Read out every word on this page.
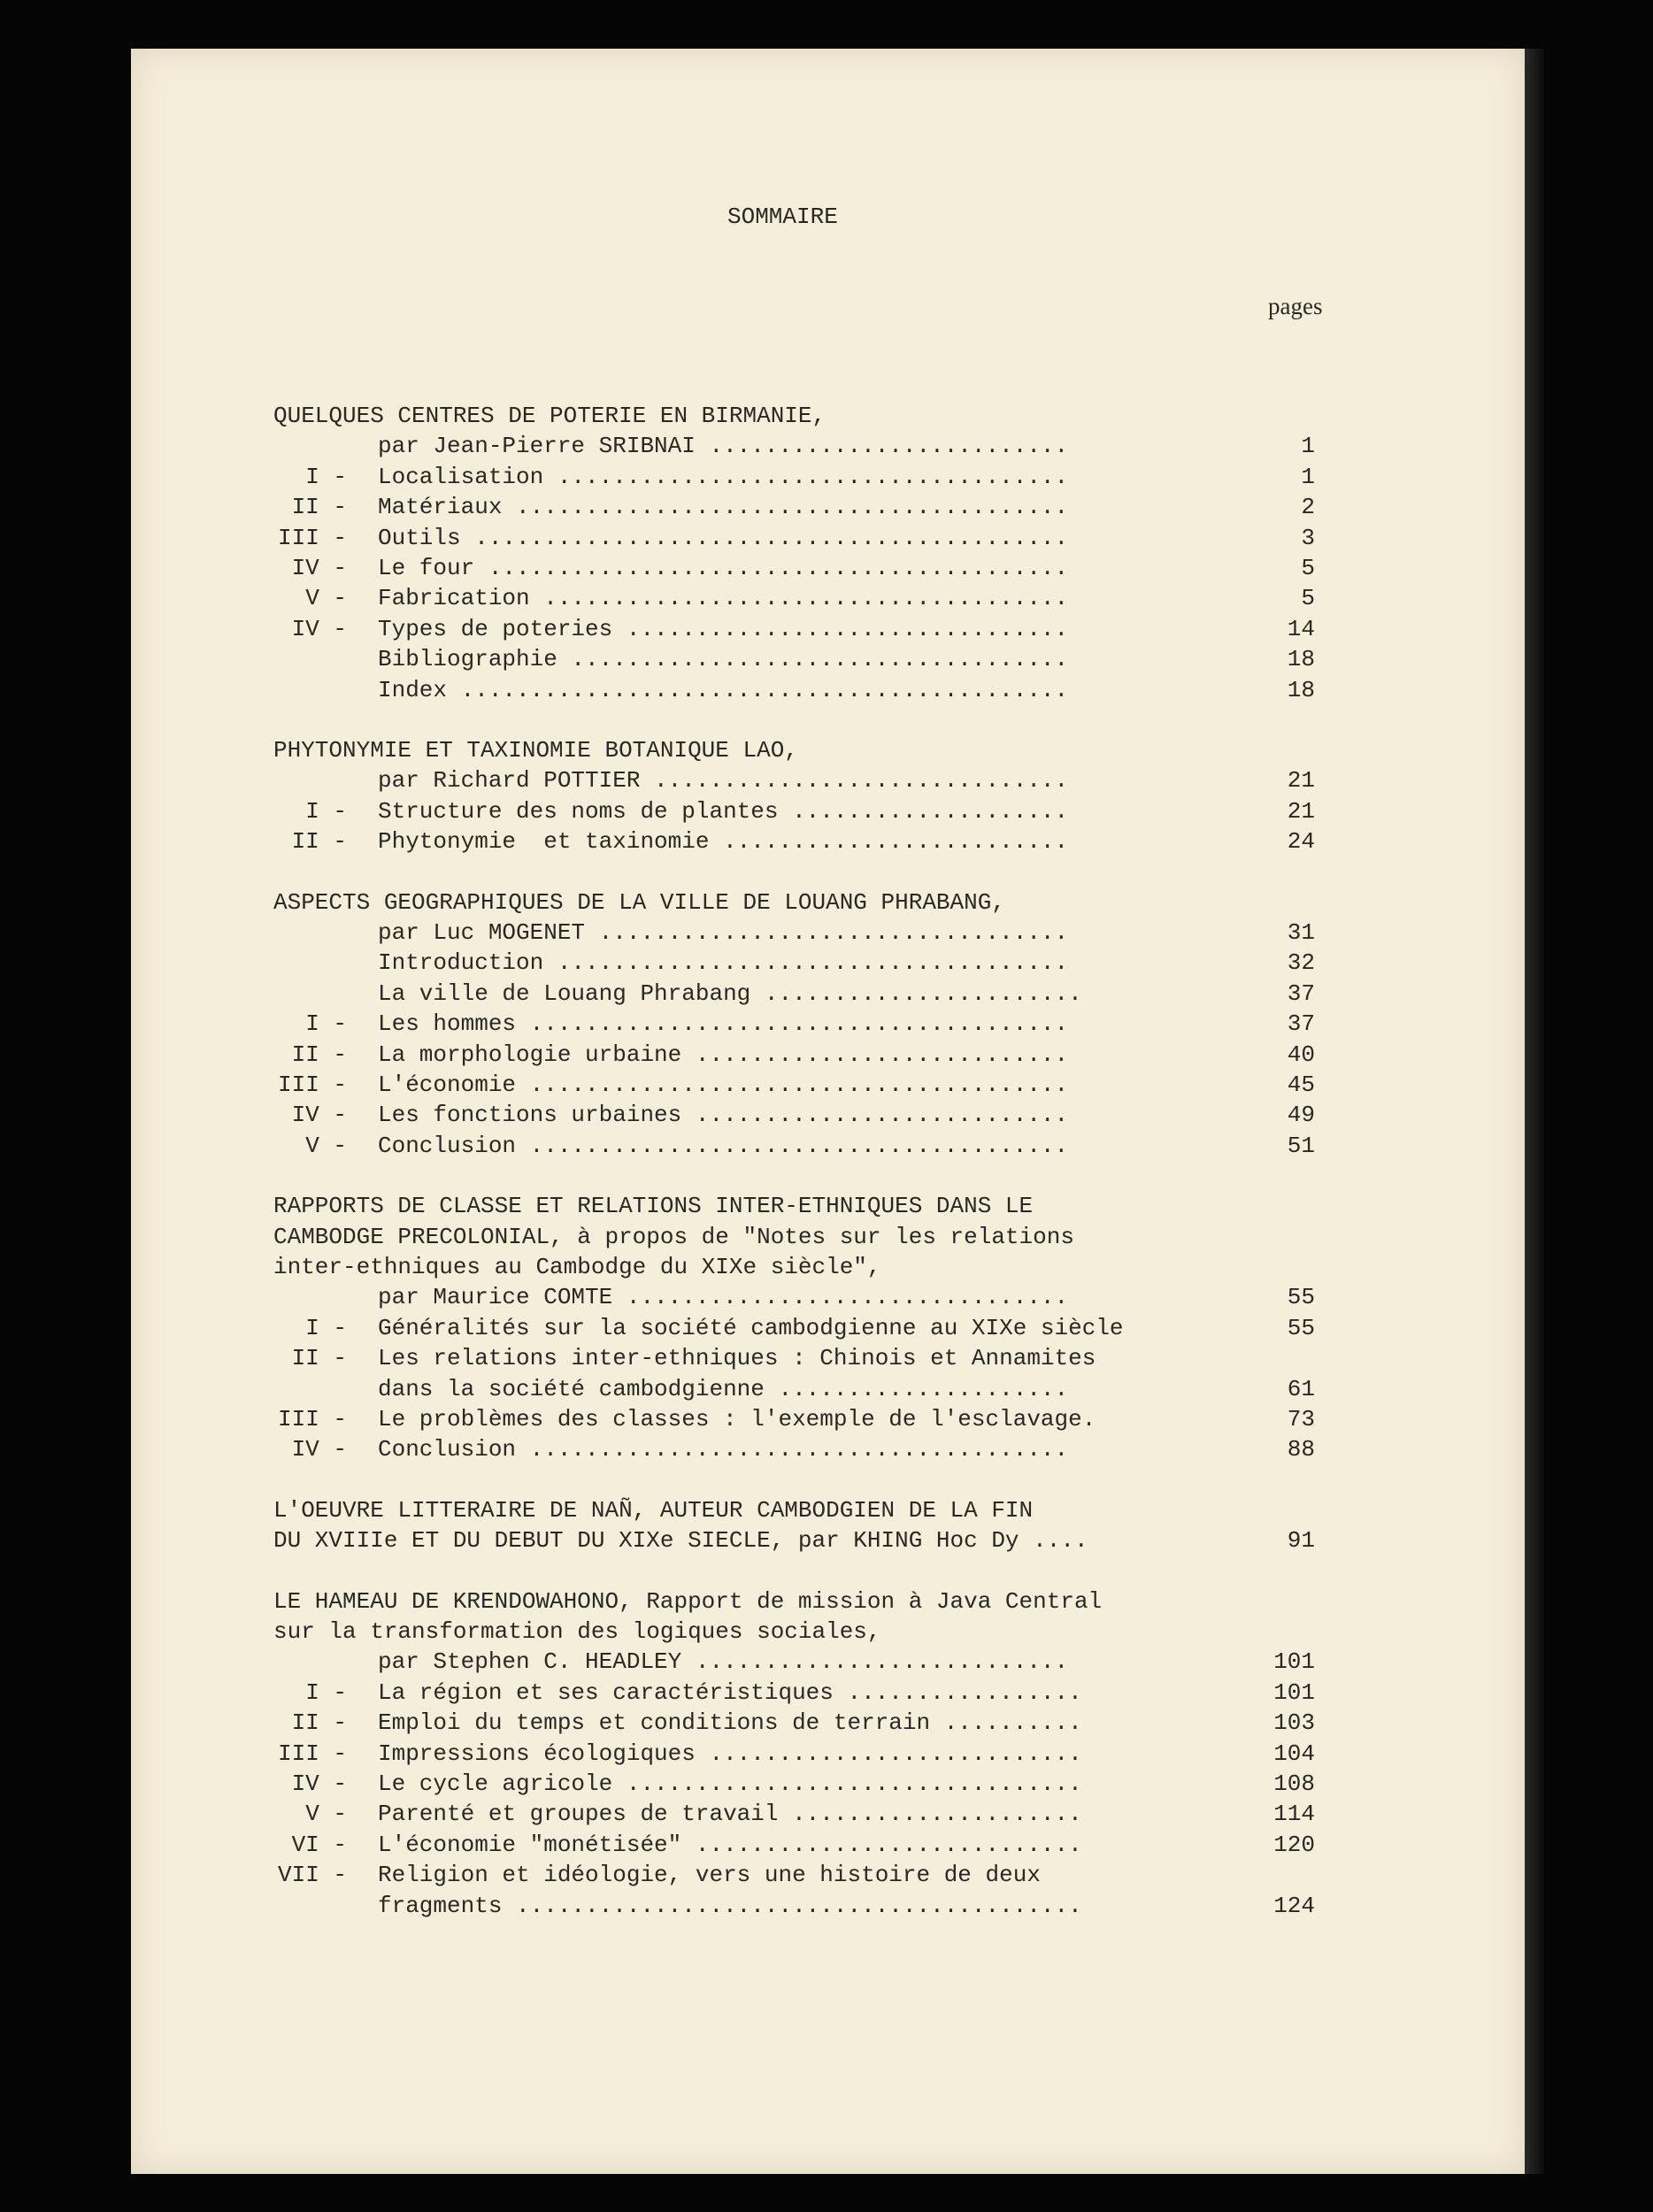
SOMMAIRE
pages
QUELQUES CENTRES DE POTERIE EN BIRMANIE,
par Jean-Pierre SRIBNAI ..........................	1
I - Localisation .....................................	1
II - Matériaux ........................................	2
III - Outils ...........................................	3
IV - Le four ..........................................	5
V - Fabrication ......................................	5
IV - Types de poteries ................................	14
Bibliographie ....................................	18
Index ............................................	18
PHYTONYMIE ET TAXINOMIE BOTANIQUE LAO,
par Richard POTTIER ..............................	21
I - Structure des noms de plantes ....................	21
II - Phytonymie  et taxinomie .........................	24
ASPECTS GEOGRAPHIQUES DE LA VILLE DE LOUANG PHRABANG,
par Luc MOGENET ..................................	31
Introduction .....................................	32
La ville de Louang Phrabang .......................	37
I - Les hommes .......................................	37
II - La morphologie urbaine ...........................	40
III - L'économie .......................................	45
IV - Les fonctions urbaines ...........................	49
V - Conclusion .......................................	51
RAPPORTS DE CLASSE ET RELATIONS INTER-ETHNIQUES DANS LE
CAMBODGE PRECOLONIAL, à propos de "Notes sur les relations
inter-ethniques au Cambodge du XIXe siècle",
par Maurice COMTE ................................	55
I - Généralités sur la société cambodgienne au XIXe siècle	55
II - Les relations inter-ethniques : Chinois et Annamites
dans la société cambodgienne .....................	61
III - Le problèmes des classes : l'exemple de l'esclavage.	73
IV - Conclusion .......................................	88
L'OEUVRE LITTERAIRE DE NAÑ, AUTEUR CAMBODGIEN DE LA FIN
DU XVIIIe ET DU DEBUT DU XIXe SIECLE, par KHING Hoc Dy ....	91
LE HAMEAU DE KRENDOWAHONO, Rapport de mission à Java Central
sur la transformation des logiques sociales,
par Stephen C. HEADLEY ...........................	101
I - La région et ses caractéristiques .................	101
II - Emploi du temps et conditions de terrain ..........	103
III - Impressions écologiques ...........................	104
IV - Le cycle agricole .................................	108
V - Parenté et groupes de travail .....................	114
VI - L'économie "monétisée" ............................	120
VII - Religion et idéologie, vers une histoire de deux
fragments .........................................	124
